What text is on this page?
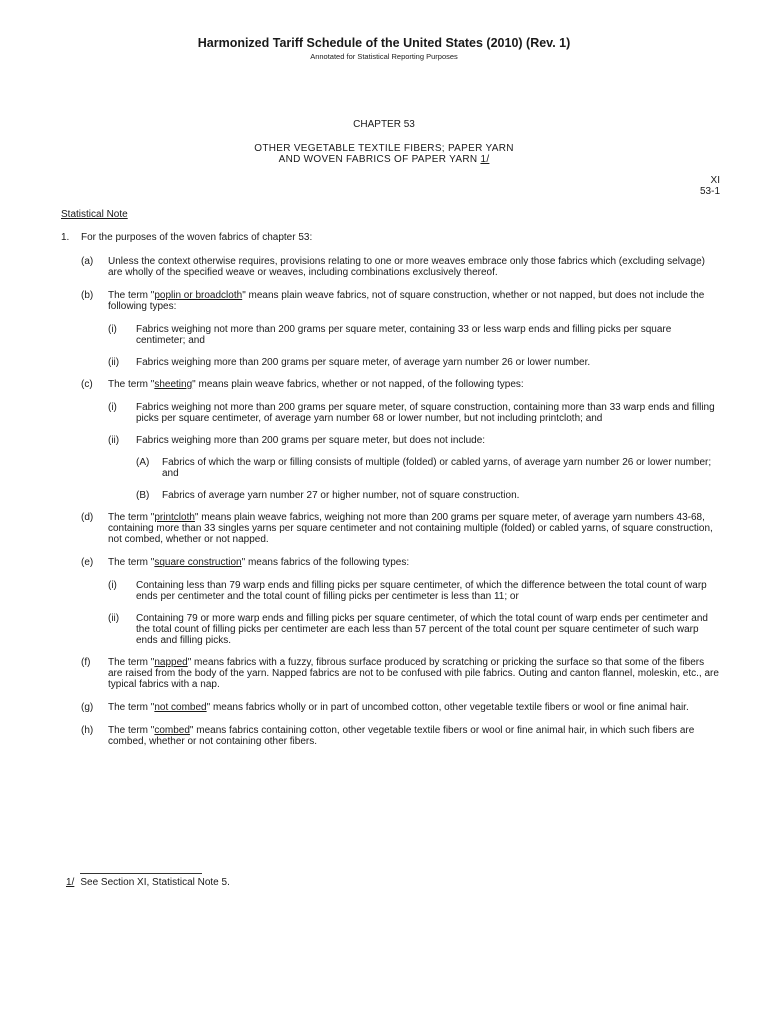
Harmonized Tariff Schedule of the United States (2010) (Rev. 1)
Annotated for Statistical Reporting Purposes
CHAPTER 53
OTHER VEGETABLE TEXTILE FIBERS; PAPER YARN
AND WOVEN FABRICS OF PAPER YARN 1/
XI
53-1
Statistical Note
1.	For the purposes of the woven fabrics of chapter 53:
(a)	Unless the context otherwise requires, provisions relating to one or more weaves embrace only those fabrics which (excluding selvage) are wholly of the specified weave or weaves, including combinations exclusively thereof.
(b)	The term "poplin or broadcloth" means plain weave fabrics, not of square construction, whether or not napped, but does not include the following types:
(i)	Fabrics weighing not more than 200 grams per square meter, containing 33 or less warp ends and filling picks per square centimeter; and
(ii)	Fabrics weighing more than 200 grams per square meter, of average yarn number 26 or lower number.
(c)	The term "sheeting" means plain weave fabrics, whether or not napped, of the following types:
(i)	Fabrics weighing not more than 200 grams per square meter, of square construction, containing more than 33 warp ends and filling picks per square centimeter, of average yarn number 68 or lower number, but not including printcloth; and
(ii)	Fabrics weighing more than 200 grams per square meter, but does not include:
(A)	Fabrics of which the warp or filling consists of multiple (folded) or cabled yarns, of average yarn number 26 or lower number; and
(B)	Fabrics of average yarn number 27 or higher number, not of square construction.
(d)	The term "printcloth" means plain weave fabrics, weighing not more than 200 grams per square meter, of average yarn numbers 43-68, containing more than 33 singles yarns per square centimeter and not containing multiple (folded) or cabled yarns, of square construction, not combed, whether or not napped.
(e)	The term "square construction" means fabrics of the following types:
(i)	Containing less than 79 warp ends and filling picks per square centimeter, of which the difference between the total count of warp ends per centimeter and the total count of filling picks per centimeter is less than 11; or
(ii)	Containing 79 or more warp ends and filling picks per square centimeter, of which the total count of warp ends per centimeter and the total count of filling picks per centimeter are each less than 57 percent of the total count per square centimeter of such warp ends and filling picks.
(f)	The term "napped" means fabrics with a fuzzy, fibrous surface produced by scratching or pricking the surface so that some of the fibers are raised from the body of the yarn. Napped fabrics are not to be confused with pile fabrics. Outing and canton flannel, moleskin, etc., are typical fabrics with a nap.
(g)	The term "not combed" means fabrics wholly or in part of uncombed cotton, other vegetable textile fibers or wool or fine animal hair.
(h)	The term "combed" means fabrics containing cotton, other vegetable textile fibers or wool or fine animal hair, in which such fibers are combed, whether or not containing other fibers.
1/ See Section XI, Statistical Note 5.
